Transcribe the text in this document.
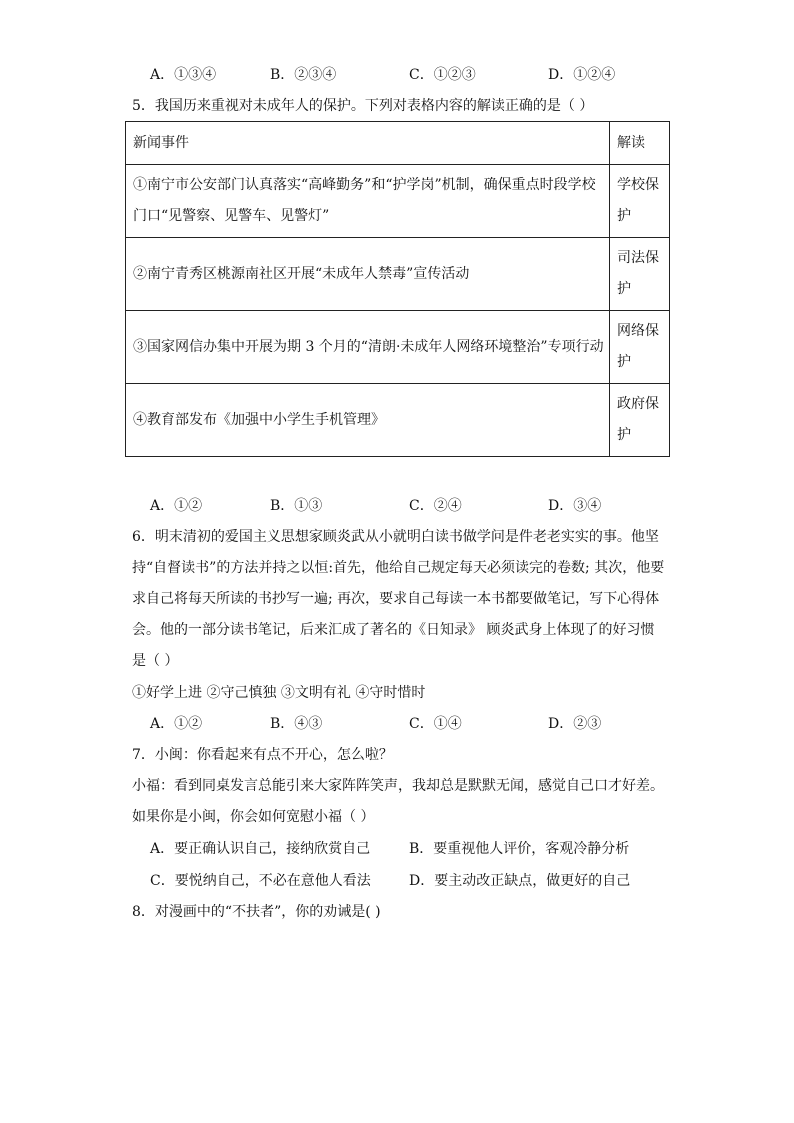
A．①③④	B．②③④	C．①②③	D．①②④
5．我国历来重视对未成年人的保护。下列对表格内容的解读正确的是（ ）
新闻事件	解读

①南宁市公安部门认真落实“高峰勤务”和“护学岗”机制，确保重点时段学校门口“见警察、见警车、见警灯”	学校保护

②南宁青秀区桃源南社区开展“未成年人禁毒”宣传活动	司法保护

③国家网信办集中开展为期 3 个月的“清朗·未成年人网络环境整治”专项行动	网络保护

④教育部发布《加强中小学生手机管理》	政府保护
A．①②	B．①③	C．②④	D．③④
6．明末清初的爱国主义思想家顾炎武从小就明白读书做学问是件老老实实的事。他坚
持“自督读书”的方法并持之以恒:首先，他给自己规定每天必须读完的卷数; 其次，他要
求自己将每天所读的书抄写一遍; 再次，要求自己每读一本书都要做笔记，写下心得体
会。他的一部分读书笔记，后来汇成了著名的《日知录》 顾炎武身上体现了的好习惯
是（ ）
①好学上进 ②守己慎独 ③文明有礼 ④守时惜时
A．①②	B．④③	C．①④	D．②③
7．小闽：你看起来有点不开心，怎么啦？
小福：看到同桌发言总能引来大家阵阵笑声，我却总是默默无闻，感觉自己口才好差。
如果你是小闽，你会如何宽慰小福（ ）
A．要正确认识自己，接纳欣赏自己	B．要重视他人评价，客观冷静分析
C．要悦纳自己，不必在意他人看法	D．要主动改正缺点，做更好的自己
8．对漫画中的“不扶者”，你的劝诫是( )
